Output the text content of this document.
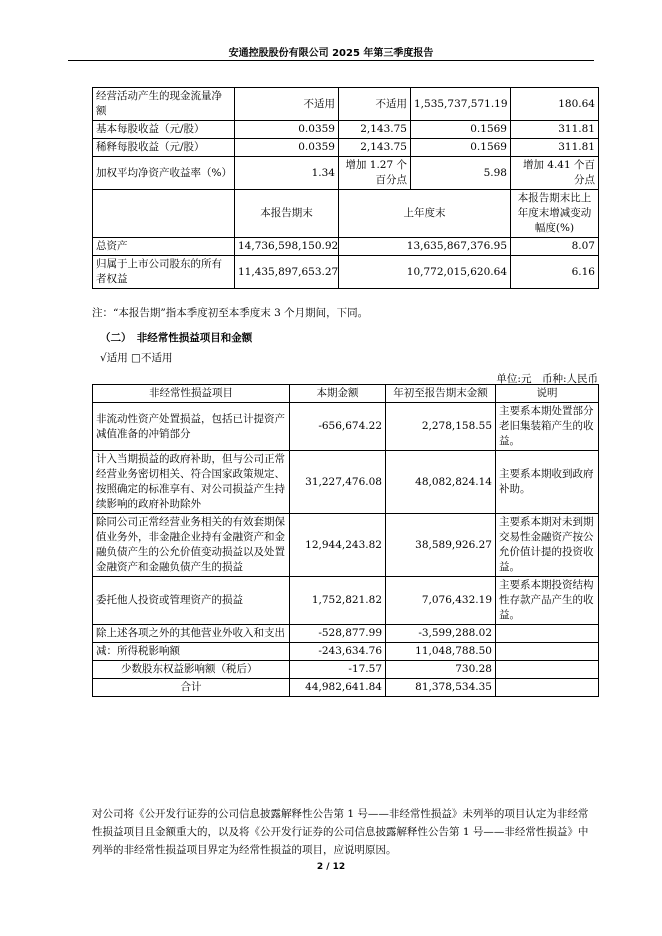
安通控股股份有限公司 2025 年第三季度报告
经营活动产生的现金流量净额	不适用	不适用	1,535,737,571.19	180.64
基本每股收益（元/股）	0.0359	2,143.75	0.1569	311.81
稀释每股收益（元/股）	0.0359	2,143.75	0.1569	311.81
加权平均净资产收益率（%）	1.34	增加 1.27 个百分点	5.98	增加 4.41 个百分点
	本报告期末	上年度末		本报告期末比上年度末增减变动幅度(%)
总资产	14,736,598,150.92	13,635,867,376.95		8.07
归属于上市公司股东的所有者权益	11,435,897,653.27	10,772,015,620.64		6.16
注：“本报告期”指本季度初至本季度末 3 个月期间，下同。
（二）　非经常性损益项目和金额
√适用 □不适用
单位:元　币种:人民币
非经常性损益项目	本期金额	年初至报告期末金额	说明
非流动性资产处置损益，包括已计提资产减值准备的冲销部分	-656,674.22	2,278,158.55	主要系本期处置部分老旧集装箱产生的收益。
计入当期损益的政府补助，但与公司正常经营业务密切相关、符合国家政策规定、按照确定的标准享有、对公司损益产生持续影响的政府补助除外	31,227,476.08	48,082,824.14	主要系本期收到政府补助。
除同公司正常经营业务相关的有效套期保值业务外，非金融企业持有金融资产和金融负债产生的公允价值变动损益以及处置金融资产和金融负债产生的损益	12,944,243.82	38,589,926.27	主要系本期对未到期交易性金融资产按公允价值计提的投资收益。
委托他人投资或管理资产的损益	1,752,821.82	7,076,432.19	主要系本期投资结构性存款产品产生的收益。
除上述各项之外的其他营业外收入和支出	-528,877.99	-3,599,288.02	
减：所得税影响额	-243,634.76	11,048,788.50	
少数股东权益影响额（税后）	-17.57	730.28	
合计	44,982,641.84	81,378,534.35	
对公司将《公开发行证券的公司信息披露解释性公告第 1 号——非经常性损益》未列举的项目认定为非经常性损益项目且金额重大的，以及将《公开发行证券的公司信息披露解释性公告第 1 号——非经常性损益》中列举的非经常性损益项目界定为经常性损益的项目，应说明原因。
2 / 12
